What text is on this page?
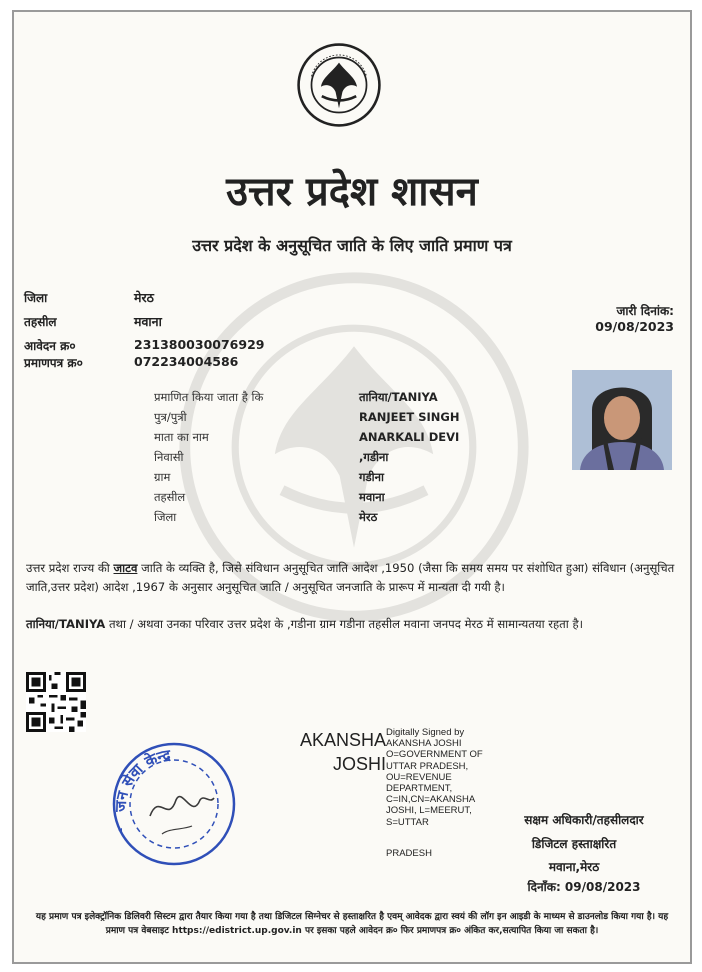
उत्तर प्रदेश शासन
उत्तर प्रदेश के अनुसूचित जाति के लिए जाति प्रमाण पत्र
जिला	मेरठ
तहसील	मवाना
आवेदन क्र०	231380030076929
प्रमाणपत्र क्र०	072234004586
जारी दिनांक:
09/08/2023
प्रमाणित किया जाता है कि	तानिया/TANIYA
पुत्र/पुत्री	RANJEET SINGH
माता का नाम	ANARKALI DEVI
निवासी	,गडीना
ग्राम	गडीना
तहसील	मवाना
जिला	मेरठ
उत्तर प्रदेश राज्य की जाटव जाति के व्यक्ति है, जिसे संविधान अनुसूचित जाति आदेश ,1950 (जैसा कि समय समय पर संशोधित हुआ) संविधान (अनुसूचित जाति,उत्तर प्रदेश) आदेश ,1967 के अनुसार अनुसूचित जाति / अनुसूचित जनजाति के प्रारूप में मान्यता दी गयी है।
तानिया/TANIYA तथा / अथवा उनका परिवार उत्तर प्रदेश के ,गडीना ग्राम गडीना तहसील मवाना जनपद मेरठ में सामान्यतया रहता है।
जन सेवा केन्द्र
AKANSHA
JOSHI
Digitally Signed by AKANSHA JOSHI O=GOVERNMENT OF UTTAR PRADESH, OU=REVENUE DEPARTMENT, C=IN,CN=AKANSHA JOSHI, L=MEERUT, S=UTTAR
PRADESH
सक्षम अधिकारी/तहसीलदार
डिजिटल हस्ताक्षरित
मवाना,मेरठ
दिनाँक: 09/08/2023
यह प्रमाण पत्र इलेक्ट्रॉनिक डिलिवरी सिस्टम द्वारा तैयार किया गया है तथा डिजिटल सिग्नेचर से हस्ताक्षरित है एवम् आवेदक द्वारा स्वयं की लॉग इन आइडी के माध्यम से डाउनलोड किया गया है। यह प्रमाण पत्र वेबसाइट https://edistrict.up.gov.in पर इसका पहले आवेदन क्र० फिर प्रमाणपत्र क्र० अंकित कर,सत्यापित किया जा सकता है।
